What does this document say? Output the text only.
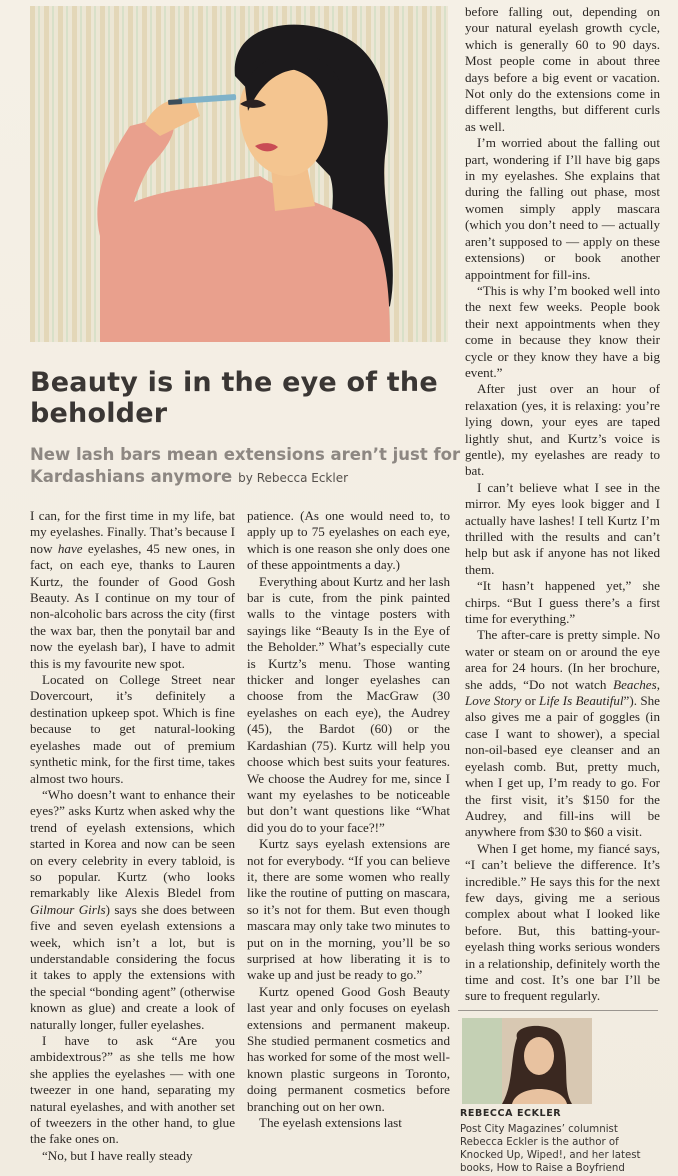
Beauty is in the eye of the beholder
New lash bars mean extensions aren’t just for Kardashians anymore by Rebecca Eckler

I can, for the first time in my life, bat my eyelashes. Finally. That’s because I now have eyelashes, 45 new ones, in fact, on each eye, thanks to Lauren Kurtz, the founder of Good Gosh Beauty. As I continue on my tour of non-alcoholic bars across the city (first the wax bar, then the ponytail bar and now the eyelash bar), I have to admit this is my favourite new spot.

Located on College Street near Dovercourt, it’s definitely a destination upkeep spot. Which is fine because to get natural-looking eyelashes made out of premium synthetic mink, for the first time, takes almost two hours.

“Who doesn’t want to enhance their eyes?” asks Kurtz when asked why the trend of eyelash extensions, which started in Korea and now can be seen on every celebrity in every tabloid, is so popular. Kurtz (who looks remarkably like Alexis Bledel from Gilmour Girls) says she does between five and seven eyelash extensions a week, which isn’t a lot, but is understandable considering the focus it takes to apply the extensions with the special “bonding agent” (otherwise known as glue) and create a look of naturally longer, fuller eyelashes.

I have to ask “Are you ambidextrous?” as she tells me how she applies the eyelashes — with one tweezer in one hand, separating my natural eyelashes, and with another set of tweezers in the other hand, to glue the fake ones on.

“No, but I have really steady

patience. (As one would need to, to apply up to 75 eyelashes on each eye, which is one reason she only does one of these appointments a day.)

Everything about Kurtz and her lash bar is cute, from the pink painted walls to the vintage posters with sayings like “Beauty Is in the Eye of the Beholder.” What’s especially cute is Kurtz’s menu. Those wanting thicker and longer eyelashes can choose from the MacGraw (30 eyelashes on each eye), the Audrey (45), the Bardot (60) or the Kardashian (75). Kurtz will help you choose which best suits your features. We choose the Audrey for me, since I want my eyelashes to be noticeable but don’t want questions like “What did you do to your face?!”

Kurtz says eyelash extensions are not for everybody. “If you can believe it, there are some women who really like the routine of putting on mascara, so it’s not for them. But even though mascara may only take two minutes to put on in the morning, you’ll be so surprised at how liberating it is to wake up and just be ready to go.”

Kurtz opened Good Gosh Beauty last year and only focuses on eyelash extensions and permanent makeup. She studied permanent cosmetics and has worked for some of the most well-known plastic surgeons in Toronto, doing permanent cosmetics before branching out on her own.

The eyelash extensions last

before falling out, depending on your natural eyelash growth cycle, which is generally 60 to 90 days. Most people come in about three days before a big event or vacation. Not only do the extensions come in different lengths, but different curls as well.

I’m worried about the falling out part, wondering if I’ll have big gaps in my eyelashes. She explains that during the falling out phase, most women simply apply mascara (which you don’t need to — actually aren’t supposed to — apply on these extensions) or book another appointment for fill-ins.

“This is why I’m booked well into the next few weeks. People book their next appointments when they come in because they know their cycle or they know they have a big event.”

After just over an hour of relaxation (yes, it is relaxing: you’re lying down, your eyes are taped lightly shut, and Kurtz’s voice is gentle), my eyelashes are ready to bat.

I can’t believe what I see in the mirror. My eyes look bigger and I actually have lashes! I tell Kurtz I’m thrilled with the results and can’t help but ask if anyone has not liked them.

“It hasn’t happened yet,” she chirps. “But I guess there’s a first time for everything.”

The after-care is pretty simple. No water or steam on or around the eye area for 24 hours. (In her brochure, she adds, “Do not watch Beaches, Love Story or Life Is Beautiful”). She also gives me a pair of goggles (in case I want to shower), a special non-oil-based eye cleanser and an eyelash comb. But, pretty much, when I get up, I’m ready to go. For the first visit, it’s $150 for the Audrey, and fill-ins will be anywhere from $30 to $60 a visit.

When I get home, my fiancé says, “I can’t believe the difference. It’s incredible.” He says this for the next few days, giving me a serious complex about what I looked like before. But, this batting-your-eyelash thing works serious wonders in a relationship, definitely worth the time and cost. It’s one bar I’ll be sure to frequent regularly.

REBECCA ECKLER
Post City Magazines’ columnist Rebecca Eckler is the author of Knocked Up, Wiped!, and her latest books, How to Raise a Boyfriend
